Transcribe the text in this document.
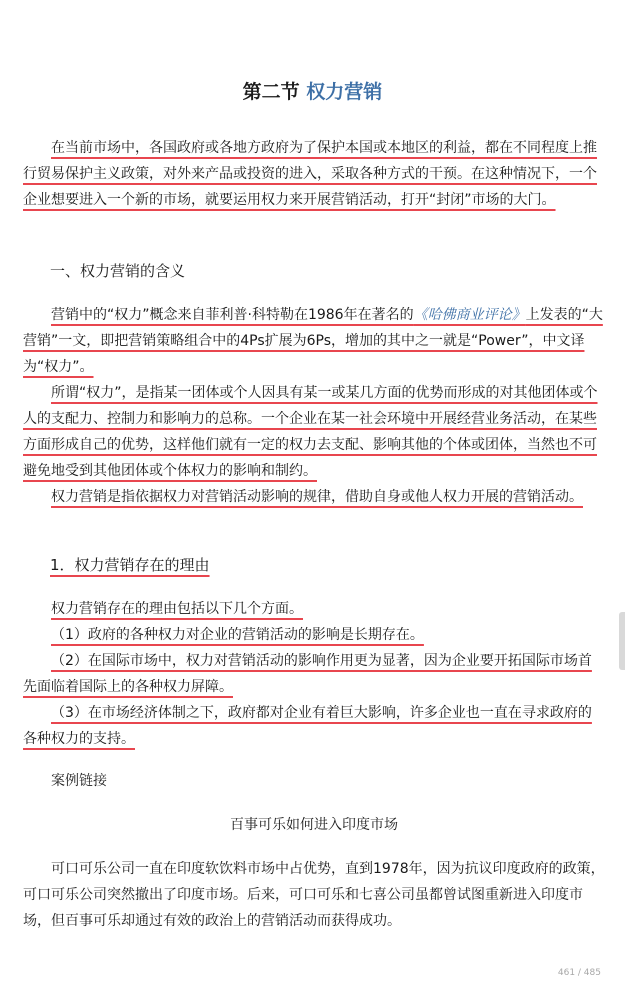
第二节 权力营销

在当前市场中，各国政府或各地方政府为了保护本国或本地区的利益，都在不同程度上推行贸易保护主义政策，对外来产品或投资的进入，采取各种方式的干预。在这种情况下，一个企业想要进入一个新的市场，就要运用权力来开展营销活动，打开“封闭”市场的大门。

一、权力营销的含义

营销中的“权力”概念来自菲利普·科特勒在1986年在著名的《哈佛商业评论》上发表的“大营销”一文，即把营销策略组合中的4Ps扩展为6Ps，增加的其中之一就是“Power”，中文译为“权力”。

所谓“权力”，是指某一团体或个人因具有某一或某几方面的优势而形成的对其他团体或个人的支配力、控制力和影响力的总称。一个企业在某一社会环境中开展经营业务活动，在某些方面形成自己的优势，这样他们就有一定的权力去支配、影响其他的个体或团体，当然也不可避免地受到其他团体或个体权力的影响和制约。

权力营销是指依据权力对营销活动影响的规律，借助自身或他人权力开展的营销活动。

1．权力营销存在的理由

权力营销存在的理由包括以下几个方面。

（1）政府的各种权力对企业的营销活动的影响是长期存在。

（2）在国际市场中，权力对营销活动的影响作用更为显著，因为企业要开拓国际市场首先面临着国际上的各种权力屏障。

（3）在市场经济体制之下，政府都对企业有着巨大影响，许多企业也一直在寻求政府的各种权力的支持。

案例链接

百事可乐如何进入印度市场

可口可乐公司一直在印度软饮料市场中占优势，直到1978年，因为抗议印度政府的政策，可口可乐公司突然撤出了印度市场。后来，可口可乐和七喜公司虽都曾试图重新进入印度市场，但百事可乐却通过有效的政治上的营销活动而获得成功。

461 / 485
